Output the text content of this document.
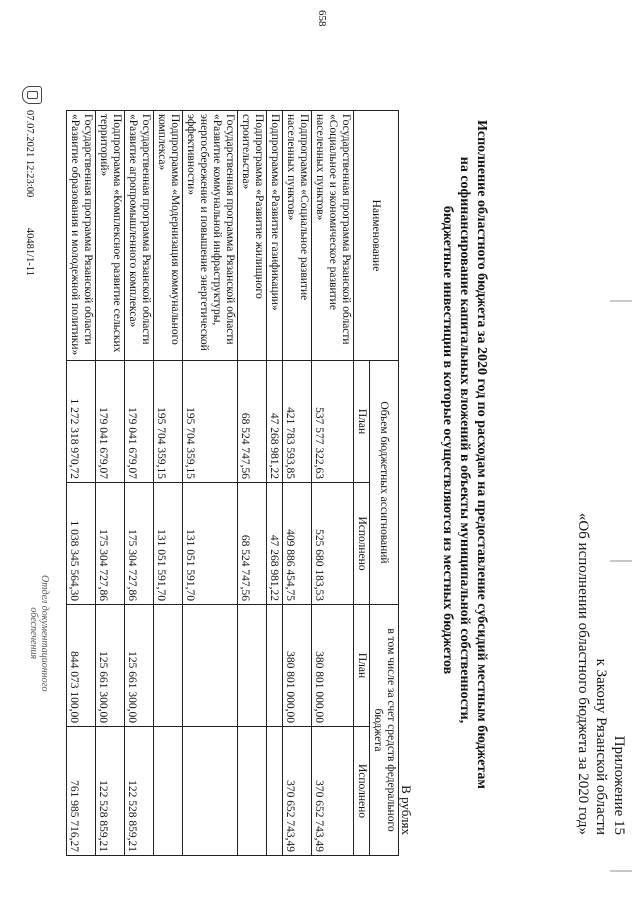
658
Приложение 15
к Закону Рязанской области
«Об исполнении областного бюджета за 2020 год»
Исполнение областного бюджета за 2020 год по расходам на предоставление субсидий местным бюджетам
на софинансирование капитальных вложений в объекты муниципальной собственности,
бюджетные инвестиции в которые осуществляются из местных бюджетов
В рублях
Наименование	Объем бюджетных ассигнований		в том числе за счет средств федерального бюджета	
	План	Исполнено	План	Исполнено
Государственная программа Рязанской области «Социальное и экономическое развитие населенных пунктов»	537 577 322,63	525 680 183,53	380 801 000,00	370 652 743,49
Подпрограмма «Социальное развитие населенных пунктов»	421 783 593,85	409 886 454,75	380 801 000,00	370 652 743,49
Подпрограмма «Развитие газификации»	47 268 981,22	47 268 981,22		
Подпрограмма «Развитие жилищного строительства»	68 524 747,56	68 524 747,56		
Государственная программа Рязанской области «Развитие коммунальной инфраструктуры, энергосбережение и повышение энергетической эффективности»	195 704 359,15	131 051 591,70		
Подпрограмма «Модернизация коммунального комплекса»	195 704 359,15	131 051 591,70		
Государственная программа Рязанской области «Развитие агропромышленного комплекса»	179 041 679,07	175 304 727,86	125 661 300,00	122 528 859,21
Подпрограмма «Комплексное развитие сельских территорий»	179 041 679,07	175 304 727,86	125 661 300,00	122 528 859,21
Государственная программа Рязанской области «Развитие образования и молодежной политики»	1 272 318 970,72	1 038 345 564,30	844 073 100,00	761 985 716,27
07.07.2021 12:23:00 40481/1-11
Отдел документационного
обеспечения
